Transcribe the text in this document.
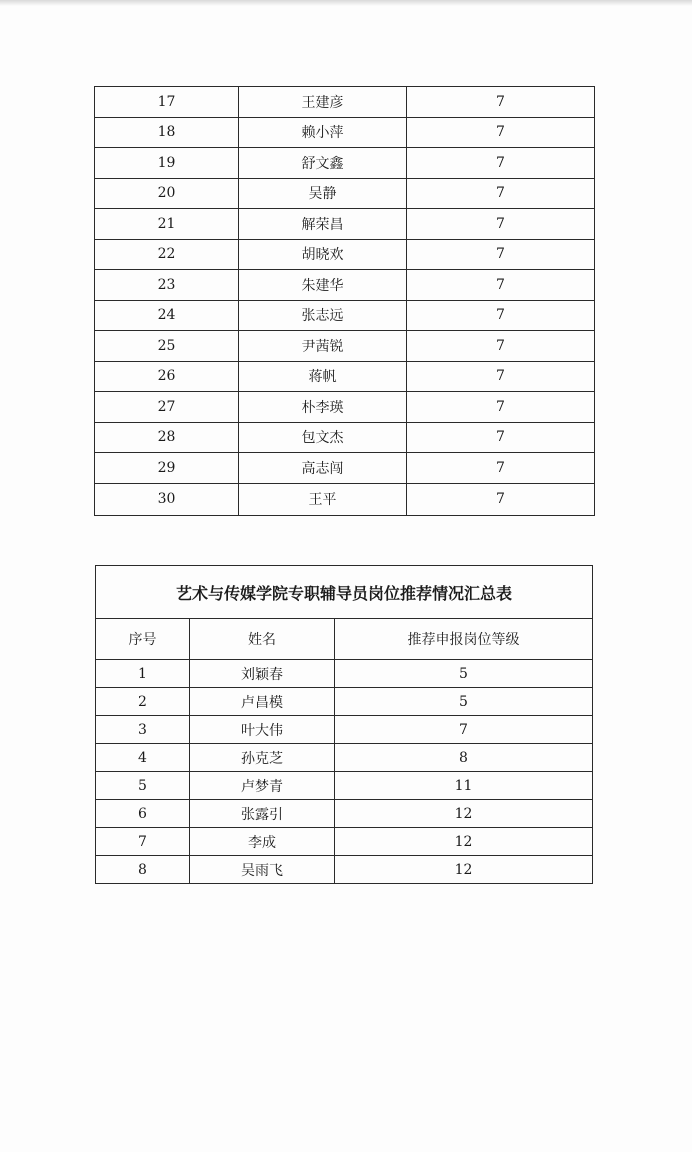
17	王建彦	7
18	赖小萍	7
19	舒文鑫	7
20	吴静	7
21	解荣昌	7
22	胡晓欢	7
23	朱建华	7
24	张志远	7
25	尹茜锐	7
26	蒋帆	7
27	朴李瑛	7
28	包文杰	7
29	高志闯	7
30	王平	7
艺术与传媒学院专职辅导员岗位推荐情况汇总表		
序号	姓名	推荐申报岗位等级
1	刘颖春	5
2	卢昌模	5
3	叶大伟	7
4	孙克芝	8
5	卢梦青	11
6	张露引	12
7	李成	12
8	吴雨飞	12
